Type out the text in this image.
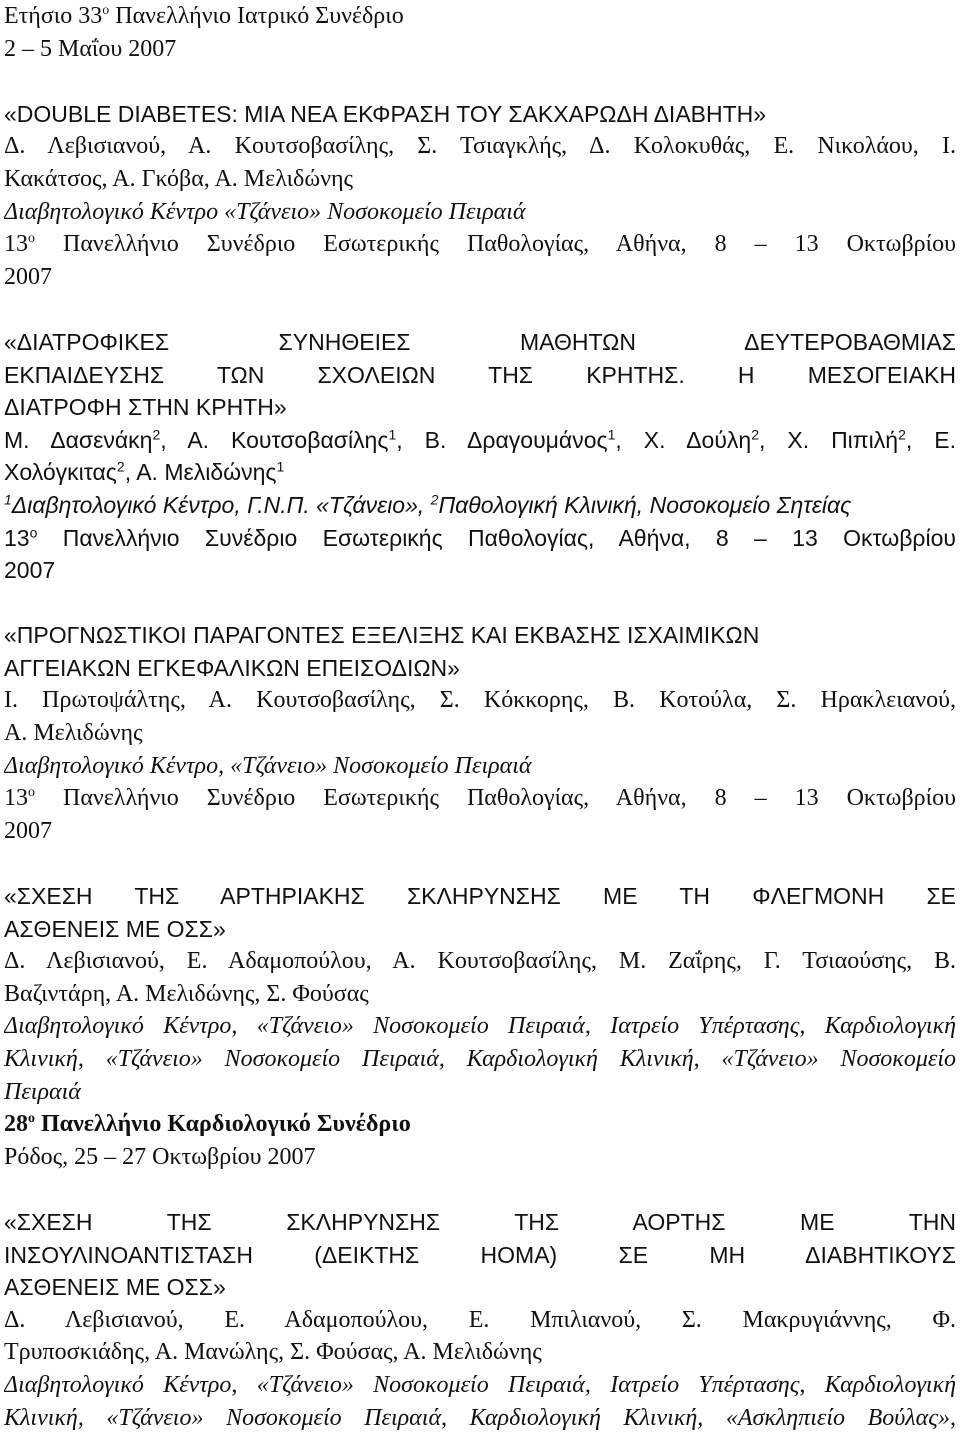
Ετήσιο $33^o$ Πανελλήνιο Ιατρικό Συνέδριο
2 – 5 Μαΐου 2007
«DOUBLE DIABETES: ΜΙΑ ΝΕΑ ΕΚΦΡΑΣΗ ΤΟΥ ΣΑΚΧΑΡΩΔΗ ΔΙΑΒΗΤΗ»
Δ. Λεβισιανού, Α. Κουτσοβασίλης, Σ. Τσιαγκλής, Δ. Κολοκυθάς, Ε. Νικολάου, Ι.
Κακάτσος, Α. Γκόβα, Α. Μελιδώνης
Διαβητολογικό Κέντρο «Τζάνειο» Νοσοκομείο Πειραιά
$13^o$ Πανελλήνιο Συνέδριο Εσωτερικής Παθολογίας, Αθήνα, 8 – 13 Οκτωβρίου
2007
«ΔΙΑΤΡΟΦΙΚΕΣ ΣΥΝΗΘΕΙΕΣ ΜΑΘΗΤΩΝ ΔΕΥΤΕΡΟΒΑΘΜΙΑΣ
ΕΚΠΑΙΔΕΥΣΗΣ ΤΩΝ ΣΧΟΛΕΙΩΝ ΤΗΣ ΚΡΗΤΗΣ. Η ΜΕΣΟΓΕΙΑΚΗ
ΔΙΑΤΡΟΦΗ ΣΤΗΝ ΚΡΗΤΗ»
Μ. Δασενάκη$^2$, Α. Κουτσοβασίλης$^1$, Β. Δραγουμάνος$^1$, Χ. Δούλη$^2$, Χ. Πιπιλή$^2$, Ε.
Χολόγκιτας$^2$, Α. Μελιδώνης$^1$
$^1$Διαβητολογικό Κέντρο, Γ.Ν.Π. «Τζάνειο», $^2$Παθολογική Κλινική, Νοσοκομείο Σητείας
$13^o$ Πανελλήνιο Συνέδριο Εσωτερικής Παθολογίας, Αθήνα, 8 – 13 Οκτωβρίου
2007
«ΠΡΟΓΝΩΣΤΙΚΟΙ ΠΑΡΑΓΟΝΤΕΣ ΕΞΕΛΙΞΗΣ ΚΑΙ ΕΚΒΑΣΗΣ ΙΣΧΑΙΜΙΚΩΝ
ΑΓΓΕΙΑΚΩΝ ΕΓΚΕΦΑΛΙΚΩΝ ΕΠΕΙΣΟΔΙΩΝ»
Ι. Πρωτοψάλτης, Α. Κουτσοβασίλης, Σ. Κόκκορης, Β. Κοτούλα, Σ. Ηρακλειανού,
Α. Μελιδώνης
Διαβητολογικό Κέντρο, «Τζάνειο» Νοσοκομείο Πειραιά
$13^o$ Πανελλήνιο Συνέδριο Εσωτερικής Παθολογίας, Αθήνα, 8 – 13 Οκτωβρίου
2007
«ΣΧΕΣΗ ΤΗΣ ΑΡΤΗΡΙΑΚΗΣ ΣΚΛΗΡΥΝΣΗΣ ΜΕ ΤΗ ΦΛΕΓΜΟΝΗ ΣΕ
ΑΣΘΕΝΕΙΣ ΜΕ ΟΣΣ»
Δ. Λεβισιανού, Ε. Αδαμοπούλου, Α. Κουτσοβασίλης, Μ. Ζαΐρης, Γ. Τσιαούσης, Β.
Βαζιντάρη, Α. Μελιδώνης, Σ. Φούσας
Διαβητολογικό Κέντρο, «Τζάνειο» Νοσοκομείο Πειραιά, Ιατρείο Υπέρτασης, Καρδιολογική
Κλινική, «Τζάνειο» Νοσοκομείο Πειραιά, Καρδιολογική Κλινική, «Τζάνειο» Νοσοκομείο
Πειραιά
$28^o$ Πανελλήνιο Καρδιολογικό Συνέδριο
Ρόδος, 25 – 27 Οκτωβρίου 2007
«ΣΧΕΣΗ ΤΗΣ ΣΚΛΗΡΥΝΣΗΣ ΤΗΣ ΑΟΡΤΗΣ ΜΕ ΤΗΝ
ΙΝΣΟΥΛΙΝΟΑΝΤΙΣΤΑΣΗ (ΔΕΙΚΤΗΣ HOMA) ΣΕ ΜΗ ΔΙΑΒΗΤΙΚΟΥΣ
ΑΣΘΕΝΕΙΣ ΜΕ ΟΣΣ»
Δ. Λεβισιανού, Ε. Αδαμοπούλου, Ε. Μπιλιανού, Σ. Μακρυγιάννης, Φ.
Τρυποσκιάδης, Α. Μανώλης, Σ. Φούσας, Α. Μελιδώνης
Διαβητολογικό Κέντρο, «Τζάνειο» Νοσοκομείο Πειραιά, Ιατρείο Υπέρτασης, Καρδιολογική
Κλινική, «Τζάνειο» Νοσοκομείο Πειραιά, Καρδιολογική Κλινική, «Ασκληπιείο Βούλας»,
